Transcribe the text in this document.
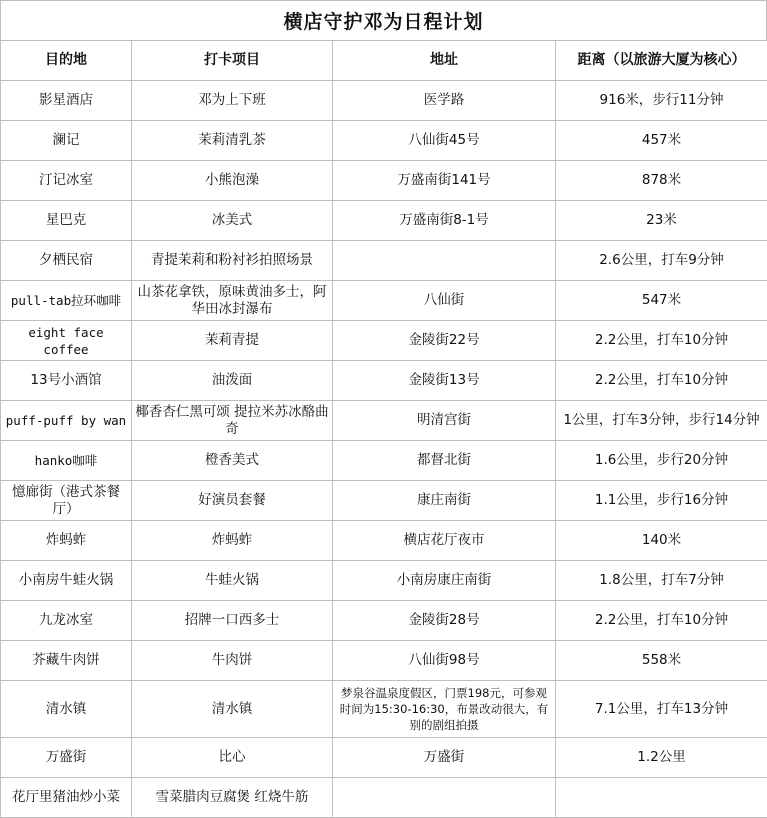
横店守护邓为日程计划
目的地	打卡项目	地址	距离（以旅游大厦为核心）
影星酒店	邓为上下班	医学路	916米，步行11分钟
澜记	茉莉清乳茶	八仙街45号	457米
汀记冰室	小熊泡澡	万盛南街141号	878米
星巴克	冰美式	万盛南街8-1号	23米
夕栖民宿	青提茉莉和粉衬衫拍照场景		2.6公里，打车9分钟
pull-tab拉环咖啡	山茶花拿铁，原味黄油多士，阿华田冰封瀑布	八仙街	547米
eight face coffee	茉莉青提	金陵街22号	2.2公里，打车10分钟
13号小酒馆	油泼面	金陵街13号	2.2公里，打车10分钟
puff-puff by wan	椰香杏仁黑可颂 提拉米苏冰酪曲奇	明清宫街	1公里，打车3分钟，步行14分钟
hanko咖啡	橙香美式	都督北街	1.6公里，步行20分钟
憶廊街（港式茶餐厅）	好演员套餐	康庄南街	1.1公里，步行16分钟
炸蚂蚱	炸蚂蚱	横店花厅夜市	140米
小南房牛蛙火锅	牛蛙火锅	小南房康庄南街	1.8公里，打车7分钟
九龙冰室	招牌一口西多士	金陵街28号	2.2公里，打车10分钟
芥藏牛肉饼	牛肉饼	八仙街98号	558米
清水镇	清水镇	梦泉谷温泉度假区，门票198元，可参观时间为15:30-16:30，布景改动很大，有别的剧组拍摄	7.1公里，打车13分钟
万盛街	比心	万盛街	1.2公里
花厅里猪油炒小菜	雪菜腊肉豆腐煲 红烧牛筋		
